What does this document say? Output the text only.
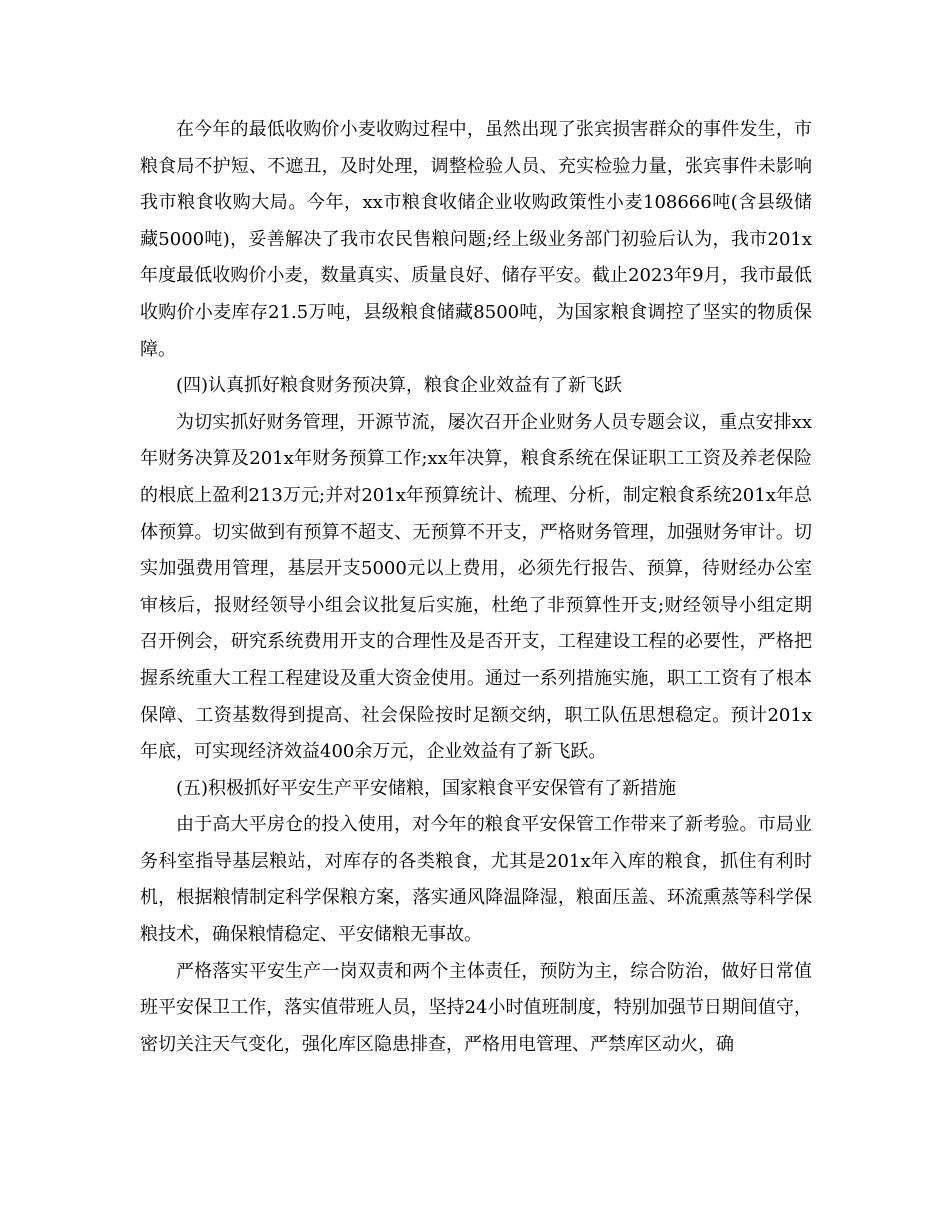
在今年的最低收购价小麦收购过程中，虽然出现了张宾损害群众的事件发生，市粮食局不护短、不遮丑，及时处理，调整检验人员、充实检验力量，张宾事件未影响我市粮食收购大局。今年，xx市粮食收储企业收购政策性小麦108666吨(含县级储藏5000吨)，妥善解决了我市农民售粮问题;经上级业务部门初验后认为，我市201x年度最低收购价小麦，数量真实、质量良好、储存平安。截止2023年9月，我市最低收购价小麦库存21.5万吨，县级粮食储藏8500吨，为国家粮食调控了坚实的物质保障。

(四)认真抓好粮食财务预决算，粮食企业效益有了新飞跃

为切实抓好财务管理，开源节流，屡次召开企业财务人员专题会议，重点安排xx年财务决算及201x年财务预算工作;xx年决算，粮食系统在保证职工工资及养老保险的根底上盈利213万元;并对201x年预算统计、梳理、分析，制定粮食系统201x年总体预算。切实做到有预算不超支、无预算不开支，严格财务管理，加强财务审计。切实加强费用管理，基层开支5000元以上费用，必须先行报告、预算，待财经办公室审核后，报财经领导小组会议批复后实施，杜绝了非预算性开支;财经领导小组定期召开例会，研究系统费用开支的合理性及是否开支，工程建设工程的必要性，严格把握系统重大工程工程建设及重大资金使用。通过一系列措施实施，职工工资有了根本保障、工资基数得到提高、社会保险按时足额交纳，职工队伍思想稳定。预计201x年底，可实现经济效益400余万元，企业效益有了新飞跃。

(五)积极抓好平安生产平安储粮，国家粮食平安保管有了新措施

由于高大平房仓的投入使用，对今年的粮食平安保管工作带来了新考验。市局业务科室指导基层粮站，对库存的各类粮食，尤其是201x年入库的粮食，抓住有利时机，根据粮情制定科学保粮方案，落实通风降温降湿，粮面压盖、环流熏蒸等科学保粮技术，确保粮情稳定、平安储粮无事故。

严格落实平安生产一岗双责和两个主体责任，预防为主，综合防治，做好日常值班平安保卫工作，落实值带班人员，坚持24小时值班制度，特别加强节日期间值守，密切关注天气变化，强化库区隐患排查，严格用电管理、严禁库区动火，确
